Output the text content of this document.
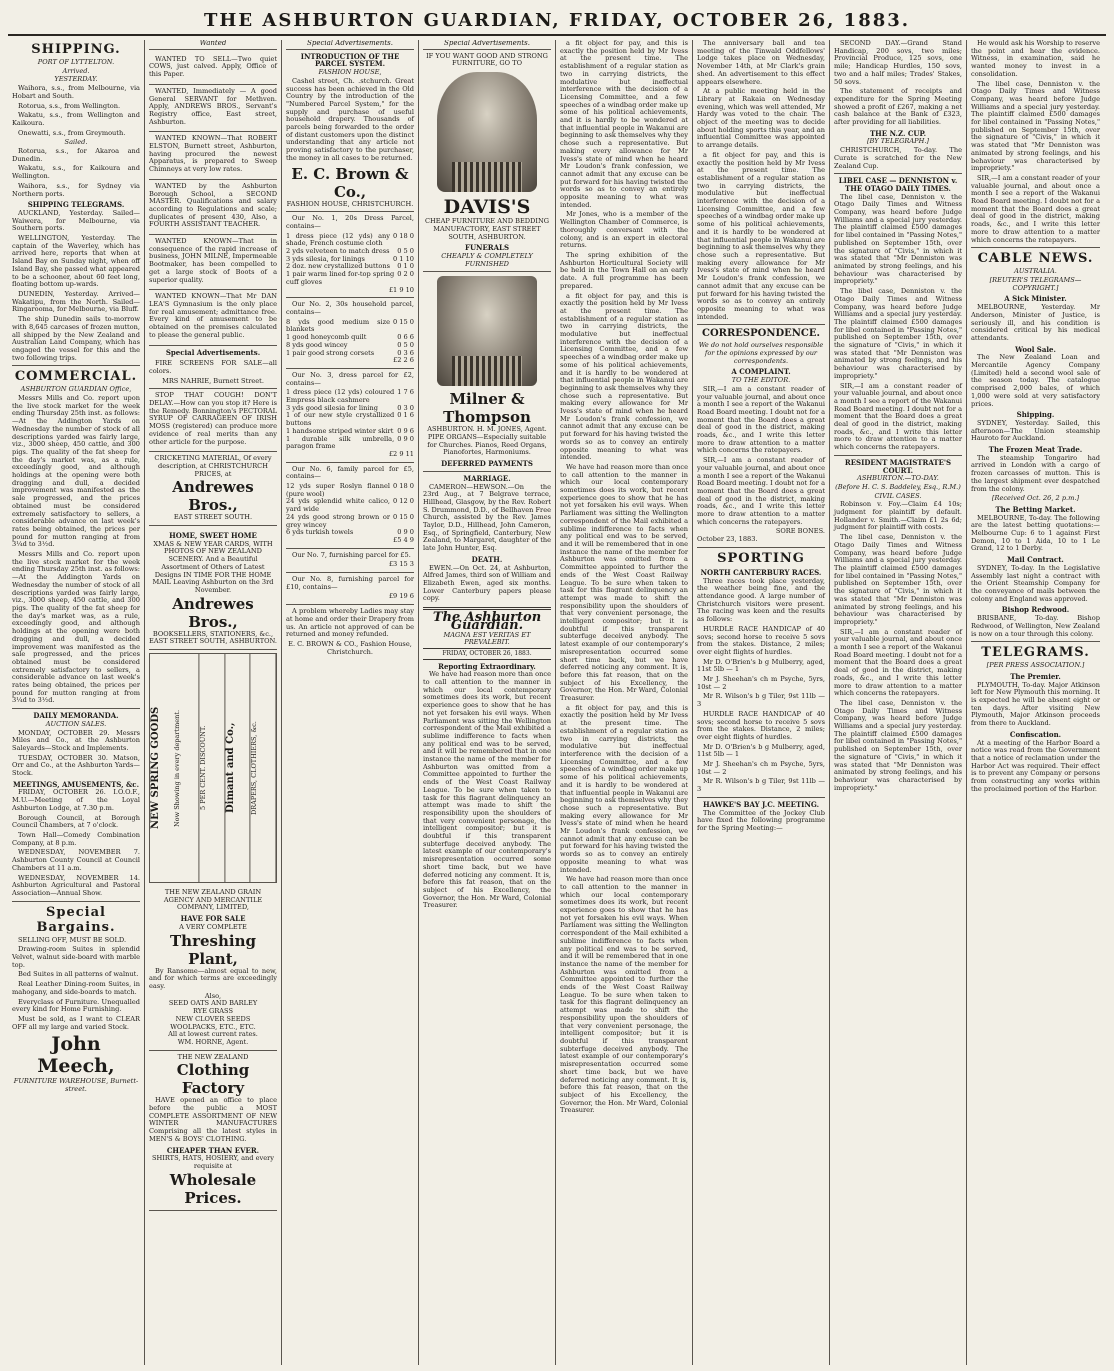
THE ASHBURTON GUARDIAN, FRIDAY, OCTOBER 26, 1883.
SHIPPING.
PORT OF LYTTELTON.
Arrived.
YESTERDAY.

Waihora, s.s., from Melbourne, via Hobart and South.

Rotorua, s.s., from Wellington.

Wakatu, s.s., from Wellington and Kaikoura.

Onewatti, s.s., from Greymouth.

Sailed.

Rotorua, s.s., for Akaroa and Dunedin.

Wakatu, s.s., for Kaikoura and Wellington.

Waihora, s.s., for Sydney via Northern ports.

SHIPPING TELEGRAMS.

AUCKLAND, Yesterday. Sailed—Waiwera, for Melbourne, via Southern ports.

WELLINGTON, Yesterday. The captain of the Waverley, which has arrived here, reports that when at Island Bay on Sunday night, when off Island Bay, she passed what appeared to be a schooner, about 60 feet long, floating bottom up-wards.

DUNEDIN, Yesterday. Arrived—Wakatipu, from the North. Sailed—Ringarooma, for Melbourne, via Bluff.

The ship Dunedin sails to-morrow with 8,645 carcases of frozen mutton, all shipped by the New Zealand and Australian Land Company, which has engaged the vessel for this and the two following trips.

COMMERCIAL.
ASHBURTON GUARDIAN Office,

Messrs Mills and Co. report upon the live stock market for the week ending Thursday 25th inst. as follows:—At the Addington Yards on Wednesday the number of stock of all descriptions yarded was fairly large, viz., 3000 sheep, 450 cattle, and 300 pigs. The quality of the fat sheep for the day's market was, as a rule, exceedingly good, and although holdings at the opening were both dragging and dull, a decided improvement was manifested as the sale progressed, and the prices obtained must be considered extremely satisfactory to sellers, a considerable advance on last week's rates being obtained, the prices per pound for mutton ranging at from 3¼d to 3½d.

Messrs Mills and Co. report upon the live stock market for the week ending Thursday 25th inst. as follows:—At the Addington Yards on Wednesday the number of stock of all descriptions yarded was fairly large, viz., 3000 sheep, 450 cattle, and 300 pigs. The quality of the fat sheep for the day's market was, as a rule, exceedingly good, and although holdings at the opening were both dragging and dull, a decided improvement was manifested as the sale progressed, and the prices obtained must be considered extremely satisfactory to sellers, a considerable advance on last week's rates being obtained, the prices per pound for mutton ranging at from 3¼d to 3½d.

DAILY MEMORANDA.
AUCTION SALES.

MONDAY, OCTOBER 29. Messrs Miles and Co., at the Ashburton Saleyards—Stock and Implements.

TUESDAY, OCTOBER 30. Matson, Orr and Co., at the Ashburton Yards—Stock.

MEETINGS, AMUSEMENTS, &c.

FRIDAY, OCTOBER 26. I.O.O.F., M.U.—Meeting of the Loyal Ashburton Lodge, at 7.30 p.m.

Borough Council, at Borough Council Chambers, at 7 o'clock.

Town Hall—Comedy Combination Company, at 8 p.m.

WEDNESDAY, NOVEMBER 7. Ashburton County Council at Council Chambers at 11 a.m.

WEDNESDAY, NOVEMBER 14. Ashburton Agricultural and Pastoral Association—Annual Show.

Special Bargains.

SELLING OFF, MUST BE SOLD.

Drawing-room Suites in splendid Velvet, walnut side-board with marble top.

Bed Suites in all patterns of walnut.

Real Leather Dining-room Suites, in mahogany, and side-boards to match.

Everyclass of Furniture. Unequalled every kind for Home Furnishing.

Must be sold, as I want to CLEAR OFF all my large and varied Stock.

John Meech,
FURNITURE WAREHOUSE, Burnett-street.
Wanted

WANTED TO SELL—Two quiet COWS, just calved. Apply, Office of this Paper.

WANTED, Immediately — A good General SERVANT for Methven. Apply, ANDREWS BROS., Servant's Registry office, East street, Ashburton.

WANTED KNOWN—That ROBERT ELSTON, Burnett street, Ashburton, having procured the newest Apparatus, is prepared to Sweep Chimneys at very low rates.

WANTED by the Ashburton Borough School, a SECOND MASTER. Qualifications and salary according to Regulations and scale; duplicates of present 430, Also, a FOURTH ASSISTANT TEACHER.

WANTED KNOWN—That in consequence of the rapid increase of business, JOHN MILNE, Impermeable Bootmaker, has been compelled to get a large stock of Boots of a superior quality.

WANTED KNOWN—That Mr DAN LEA'S Gymnasium is the only place for real amusement; admittance free. Every kind of amusement to be obtained on the premises calculated to please the general public.

Special Advertisements.

FIRE SCREENS FOR SALE—all colors.

MRS NAHRIE, Burnett Street.

STOP THAT COUGH! DON'T DELAY.—How can you stop it? Here is the Remedy. Bonnington's PECTORAL SYRUP OF CARRAGEEN OF IRISH MOSS (registered) can produce more evidence of real merits than any other article for the purpose.

CRICKETING MATERIAL, Of every description, at CHRISTCHURCH PRICES, at
Andrewes Bros.,
EAST STREET SOUTH.
HOME, SWEET HOME
XMAS & NEW YEAR CARDS, WITH PHOTOS OF NEW ZEALAND SCENERY. And a Beautiful Assortment of Others of Latest Designs IN TIME FOR THE HOME MAIL Leaving Ashburton on the 3rd November.
Andrewes Bros.,
BOOKSELLERS, STATIONERS, &c., EAST STREET SOUTH, ASHBURTON.
NEW SPRING GOODS	Now Showing in every department.	5 PER CENT. DISCOUNT.	Dimant and Co.,	DRAPERS, CLOTHIERS, &c.
THE NEW ZEALAND GRAIN AGENCY AND MERCANTILE COMPANY, LIMITED,
HAVE FOR SALE
A VERY COMPLETE
Threshing Plant,

By Ransome—almost equal to new, and for which terms are exceedingly easy.

Also,
SEED OATS AND BARLEY
RYE GRASS
NEW CLOVER SEEDS
WOOLPACKS, ETC., ETC.
All at lowest current rates.
WM. HORNE, Agent.
THE NEW ZEALAND
Clothing Factory

HAVE opened an office to place before the public a MOST COMPLETE ASSORTMENT OF NEW WINTER MANUFACTURES Comprising all the latest styles in MEN'S & BOYS' CLOTHING.

CHEAPER THAN EVER.
SHIRTS, HATS, HOSIERY, and every requisite at
Wholesale Prices.
Special Advertisements.
INTRODUCTION OF THE PARCEL SYSTEM.
FASHION HOUSE,

Cashel street, Ch. .stchurch. Great success has been achieved in the Old Country by the introduction of the "Numbered Parcel System," for the supply and purchase of useful household drapery. Thousands of parcels being forwarded to the order of distant customers upon the distinct understanding that any article not proving satisfactory to the purchaser, the money in all cases to be returned.

E. C. Brown & Co.,
FASHION HOUSE, CHRISTCHURCH.

Our No. 1, 20s Dress Parcel, contains—

1 dress piece (12 yds) any shade, French costume cloth
0 18 0
2 yds velveteen to match dress	0 5 0
3 yds silesia, for linings	0 1 10
2 doz. new crystallized buttons	0 1 0
1 pair warm lined for-top spring cuff gloves
0 2 0
£1 9 10

Our No. 2, 30s household parcel, contains—

8 yds good medium size blankets
0 15 0
1 good honeycomb quilt	0 6 6
8 yds good wincey	0 5 0
1 pair good strong corsets	0 3 6
£2 2 6

Our No. 3, dress parcel for £2, contains—

1 dress piece (12 yds) coloured Empress black cashmere
1 7 6
3 yds good silesia for lining	0 3 0
1 of our new style crystallized buttons
0 1 6
1 handsome striped winter skirt 0 9 6
1 durable silk umbrella, paragon frame
0 9 0
£2 9 11

Our No. 6, family parcel for £5, contains—

12 yds super Roslyn flannel (pure wool)
0 18 0
24 yds splendid white calico, yard wide
0 12 0
24 yds good strong brown or grey wincey
0 15 0
6 yds turkish towels	0 9 0
£5 4 9

Our No. 7, furnishing parcel for £5.

£3 15 3

Our No. 8, furnishing parcel for £10, contains—

£9 19 6

A problem whereby Ladies may stay at home and order their Drapery from us. An article not approved of can be returned and money refunded.

E. C. BROWN & CO., Fashion House, Christchurch.
Special Advertisements.
IF YOU WANT GOOD AND STRONG FURNITURE, GO TO
DAVIS'S
CHEAP FURNITURE AND BEDDING MANUFACTORY, EAST STREET SOUTH, ASHBURTON.
FUNERALS
CHEAPLY & COMPLETELY FURNISHED
Milner & Thompson
ASHBURTON. H. M. JONES, Agent. PIPE ORGANS—Especially suitable for Churches. Pianos, Reed Organs, Pianofortes, Harmoniums.
DEFERRED PAYMENTS
MARRIAGE.

CAMERON—HEWSON.—On the 23rd Aug., at 7 Belgrave terrace, Hillhead, Glasgow, by the Rev. Robert S. Drummond, D.D., of Bellhaven Free Church, assisted by the Rev. James Taylor, D.D., Hillhead, John Cameron, Esq., of Springfield, Canterbury, New Zealand, to Margaret, daughter of the late John Hunter, Esq.

DEATH.

EWEN.—On Oct. 24, at Ashburton, Alfred James, third son of William and Elizabeth Ewen, aged six months. Lower Canterbury papers please copy.

The Ashburton Guardian.
MAGNA EST VERITAS ET PREVALEBIT.
FRIDAY, OCTOBER 26, 1883.
Reporting Extraordinary.

We have had reason more than once to call attention to the manner in which our local contemporary sometimes does its work, but recent experience goes to show that he has not yet forsaken his evil ways. When Parliament was sitting the Wellington correspondent of the Mail exhibited a sublime indifference to facts when any political end was to be served, and it will be remembered that in one instance the name of the member for Ashburton was omitted from a Committee appointed to further the ends of the West Coast Railway League. To be sure when taken to task for this flagrant delinquency an attempt was made to shift the responsibility upon the shoulders of that very convenient personage, the intelligent compositor; but it is doubtful if this transparent subterfuge deceived anybody. The latest example of our contemporary's misrepresentation occurred some short time back, but we have deferred noticing any comment. It is, before this fat reason, that on the subject of his Excellency, the Governor, the Hon. Mr Ward, Colonial Treasurer.

a fit object for pay, and this is exactly the position held by Mr Ivess at the present time. The establishment of a regular station as two in carrying districts, the modulative but ineffectual interference with the decision of a Licensing Committee, and a few speeches of a windbag order make up some of his political achievements, and it is hardly to be wondered at that influential people in Wakanui are beginning to ask themselves why they chose such a representative. But making every allowance for Mr Ivess's state of mind when he heard Mr Loudon's frank confession, we cannot admit that any excuse can be put forward for his having twisted the words so as to convey an entirely opposite meaning to what was intended.

Mr Jones, who is a member of the Wellington Chamber of Commerce, is thoroughly conversant with the colony, and is an expert in electoral returns.

The spring exhibition of the Ashburton Horticultural Society will be held in the Town Hall on an early date. A full programme has been prepared.

a fit object for pay, and this is exactly the position held by Mr Ivess at the present time. The establishment of a regular station as two in carrying districts, the modulative but ineffectual interference with the decision of a Licensing Committee, and a few speeches of a windbag order make up some of his political achievements, and it is hardly to be wondered at that influential people in Wakanui are beginning to ask themselves why they chose such a representative. But making every allowance for Mr Ivess's state of mind when he heard Mr Loudon's frank confession, we cannot admit that any excuse can be put forward for his having twisted the words so as to convey an entirely opposite meaning to what was intended.

We have had reason more than once to call attention to the manner in which our local contemporary sometimes does its work, but recent experience goes to show that he has not yet forsaken his evil ways. When Parliament was sitting the Wellington correspondent of the Mail exhibited a sublime indifference to facts when any political end was to be served, and it will be remembered that in one instance the name of the member for Ashburton was omitted from a Committee appointed to further the ends of the West Coast Railway League. To be sure when taken to task for this flagrant delinquency an attempt was made to shift the responsibility upon the shoulders of that very convenient personage, the intelligent compositor; but it is doubtful if this transparent subterfuge deceived anybody. The latest example of our contemporary's misrepresentation occurred some short time back, but we have deferred noticing any comment. It is, before this fat reason, that on the subject of his Excellency, the Governor, the Hon. Mr Ward, Colonial Treasurer.

a fit object for pay, and this is exactly the position held by Mr Ivess at the present time. The establishment of a regular station as two in carrying districts, the modulative but ineffectual interference with the decision of a Licensing Committee, and a few speeches of a windbag order make up some of his political achievements, and it is hardly to be wondered at that influential people in Wakanui are beginning to ask themselves why they chose such a representative. But making every allowance for Mr Ivess's state of mind when he heard Mr Loudon's frank confession, we cannot admit that any excuse can be put forward for his having twisted the words so as to convey an entirely opposite meaning to what was intended.

We have had reason more than once to call attention to the manner in which our local contemporary sometimes does its work, but recent experience goes to show that he has not yet forsaken his evil ways. When Parliament was sitting the Wellington correspondent of the Mail exhibited a sublime indifference to facts when any political end was to be served, and it will be remembered that in one instance the name of the member for Ashburton was omitted from a Committee appointed to further the ends of the West Coast Railway League. To be sure when taken to task for this flagrant delinquency an attempt was made to shift the responsibility upon the shoulders of that very convenient personage, the intelligent compositor; but it is doubtful if this transparent subterfuge deceived anybody. The latest example of our contemporary's misrepresentation occurred some short time back, but we have deferred noticing any comment. It is, before this fat reason, that on the subject of his Excellency, the Governor, the Hon. Mr Ward, Colonial Treasurer.

The anniversary ball and tea meeting of the Tinwald Oddfellows' Lodge takes place on Wednesday, November 14th, at Mr Clark's grain shed. An advertisement to this effect appears elsewhere.

At a public meeting held in the Library at Rakaia on Wednesday evening, which was well attended, Mr Hardy was voted to the chair. The object of the meeting was to decide about holding sports this year, and an influential Committee was appointed to arrange details.

a fit object for pay, and this is exactly the position held by Mr Ivess at the present time. The establishment of a regular station as two in carrying districts, the modulative but ineffectual interference with the decision of a Licensing Committee, and a few speeches of a windbag order make up some of his political achievements, and it is hardly to be wondered at that influential people in Wakanui are beginning to ask themselves why they chose such a representative. But making every allowance for Mr Ivess's state of mind when he heard Mr Loudon's frank confession, we cannot admit that any excuse can be put forward for his having twisted the words so as to convey an entirely opposite meaning to what was intended.

CORRESPONDENCE.
We do not hold ourselves responsible for the opinions expressed by our correspondents.
A COMPLAINT.
TO THE EDITOR.

SIR,—I am a constant reader of your valuable journal, and about once a month I see a report of the Wakanui Road Board meeting. I doubt not for a moment that the Board does a great deal of good in the district, making roads, &c., and I write this letter more to draw attention to a matter which concerns the ratepayers.

SIR,—I am a constant reader of your valuable journal, and about once a month I see a report of the Wakanui Road Board meeting. I doubt not for a moment that the Board does a great deal of good in the district, making roads, &c., and I write this letter more to draw attention to a matter which concerns the ratepayers.

SORE BONES.
October 23, 1883.
SPORTING
NORTH CANTERBURY RACES.

Three races took place yesterday, the weather being fine, and the attendance good. A large number of Christchurch visitors were present. The racing was keen and the results as follows:

HURDLE RACE HANDICAP of 40 sovs; second horse to receive 5 sovs from the stakes. Distance, 2 miles; over eight flights of hurdles.

Mr D. O'Brien's b g Mulberry, aged, 11st 5lb — 1

Mr J. Sheehan's ch m Psyche, 5yrs, 10st — 2

Mr R. Wilson's b g Tiler, 9st 11lb — 3

HURDLE RACE HANDICAP of 40 sovs; second horse to receive 5 sovs from the stakes. Distance, 2 miles; over eight flights of hurdles.

Mr D. O'Brien's b g Mulberry, aged, 11st 5lb — 1

Mr J. Sheehan's ch m Psyche, 5yrs, 10st — 2

Mr R. Wilson's b g Tiler, 9st 11lb — 3

HAWKE'S BAY J.C. MEETING.

The Committee of the Jockey Club have fixed the following programme for the Spring Meeting:—

SECOND DAY.—Grand Stand Handicap, 200 sovs, two miles; Provincial Produce, 125 sovs, one mile; Handicap Hurdles, 150 sovs, two and a half miles; Trades' Stakes, 50 sovs.

The statement of receipts and expenditure for the Spring Meeting showed a profit of £267, making a net cash balance at the Bank of £323, after providing for all liabilities.

THE N.Z. CUP.
[BY TELEGRAPH.]

CHRISTCHURCH, To-day. The Curate is scratched for the New Zealand Cup.

LIBEL CASE — DENNISTON v. THE OTAGO DAILY TIMES.

The libel case, Denniston v. the Otago Daily Times and Witness Company, was heard before Judge Williams and a special jury yesterday. The plaintiff claimed £500 damages for libel contained in "Passing Notes," published on September 15th, over the signature of "Civis," in which it was stated that "Mr Denniston was animated by strong feelings, and his behaviour was characterised by impropriety."

The libel case, Denniston v. the Otago Daily Times and Witness Company, was heard before Judge Williams and a special jury yesterday. The plaintiff claimed £500 damages for libel contained in "Passing Notes," published on September 15th, over the signature of "Civis," in which it was stated that "Mr Denniston was animated by strong feelings, and his behaviour was characterised by impropriety."

SIR,—I am a constant reader of your valuable journal, and about once a month I see a report of the Wakanui Road Board meeting. I doubt not for a moment that the Board does a great deal of good in the district, making roads, &c., and I write this letter more to draw attention to a matter which concerns the ratepayers.

RESIDENT MAGISTRATE'S COURT.
ASHBURTON.—TO-DAY.
(Before H. C. S. Baddeley, Esq., R.M.)
CIVIL CASES.

Robinson v. Foy.—Claim £4 10s; judgment for plaintiff by default. Hollander v. Smith.—Claim £1 2s 6d; judgment for plaintiff with costs.

The libel case, Denniston v. the Otago Daily Times and Witness Company, was heard before Judge Williams and a special jury yesterday. The plaintiff claimed £500 damages for libel contained in "Passing Notes," published on September 15th, over the signature of "Civis," in which it was stated that "Mr Denniston was animated by strong feelings, and his behaviour was characterised by impropriety."

SIR,—I am a constant reader of your valuable journal, and about once a month I see a report of the Wakanui Road Board meeting. I doubt not for a moment that the Board does a great deal of good in the district, making roads, &c., and I write this letter more to draw attention to a matter which concerns the ratepayers.

The libel case, Denniston v. the Otago Daily Times and Witness Company, was heard before Judge Williams and a special jury yesterday. The plaintiff claimed £500 damages for libel contained in "Passing Notes," published on September 15th, over the signature of "Civis," in which it was stated that "Mr Denniston was animated by strong feelings, and his behaviour was characterised by impropriety."

He would ask his Worship to reserve the point and hear the evidence. Witness, in examination, said he wanted money to invest in a consolidation.

The libel case, Denniston v. the Otago Daily Times and Witness Company, was heard before Judge Williams and a special jury yesterday. The plaintiff claimed £500 damages for libel contained in "Passing Notes," published on September 15th, over the signature of "Civis," in which it was stated that "Mr Denniston was animated by strong feelings, and his behaviour was characterised by impropriety."

SIR,—I am a constant reader of your valuable journal, and about once a month I see a report of the Wakanui Road Board meeting. I doubt not for a moment that the Board does a great deal of good in the district, making roads, &c., and I write this letter more to draw attention to a matter which concerns the ratepayers.

CABLE NEWS.
AUSTRALIA.
[REUTER'S TELEGRAMS—COPYRIGHT.]
A Sick Minister.

MELBOURNE, Yesterday. Mr Anderson, Minister of Justice, is seriously ill, and his condition is considered critical by his medical attendants.

Wool Sale.

The New Zealand Loan and Mercantile Agency Company (Limited) held a second wool sale of the season today. The catalogue comprised 2,000 bales, of which 1,000 were sold at very satisfactory prices.

Shipping.

SYDNEY, Yesterday. Sailed, this afternoon—The Union steamship Hauroto for Auckland.

The Frozen Meat Trade.

The steamship Tongariro had arrived in London with a cargo of frozen carcasses of mutton. This is the largest shipment ever despatched from the colony.

[Received Oct. 26, 2 p.m.]
The Betting Market.

MELBOURNE, To-day. The following are the latest betting quotations:—Melbourne Cup: 6 to 1 against First Demon, 10 to 1 Aida, 10 to 1 Le Grand, 12 to 1 Derby.

Mail Contract.

SYDNEY, To-day. In the Legislative Assembly last night a contract with the Orient Steamship Company for the conveyance of mails between the colony and England was approved.

Bishop Redwood.

BRISBANE, To-day. Bishop Redwood, of Wellington, New Zealand is now on a tour through this colony.

TELEGRAMS.
[PER PRESS ASSOCIATION.]
The Premier.

PLYMOUTH, To-day. Major Atkinson left for New Plymouth this morning. It is expected he will be absent eight or ten days. After visiting New Plymouth, Major Atkinson proceeds from there to Auckland.

Confiscation.

At a meeting of the Harbor Board a notice was read from the Government that a notice of reclamation under the Harbor Act was required. Their effect is to prevent any Company or persons from constructing any works within the proclaimed portion of the Harbor.
